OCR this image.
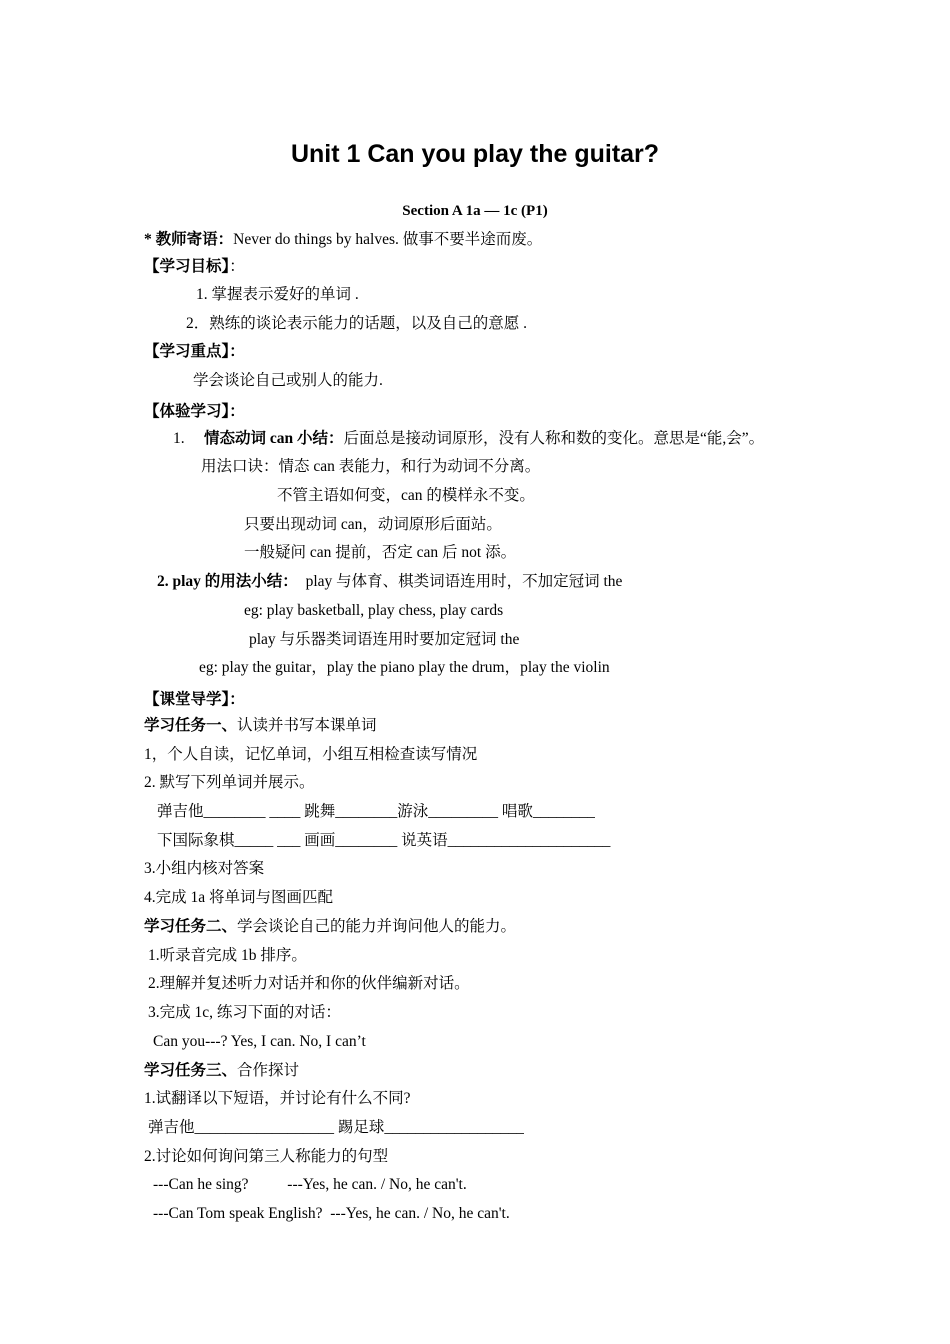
Unit 1 Can you play the guitar?
Section A 1a — 1c (P1)
* 教师寄语：Never do things by halves. 做事不要半途而废。
【学习目标】：
1. 掌握表示爱好的单词 .
2．熟练的谈论表示能力的话题，以及自己的意愿 .
【学习重点】：
学会谈论自己或别人的能力.
【体验学习】：
1. 情态动词 can 小结：后面总是接动词原形，没有人称和数的变化。意思是“能,会”。
用法口诀：情态 can 表能力，和行为动词不分离。
不管主语如何变，can 的模样永不变。
只要出现动词 can，动词原形后面站。
一般疑问 can 提前，否定 can 后 not 添。
2. play 的用法小结： play 与体育、棋类词语连用时，不加定冠词 the
eg: play basketball, play chess, play cards
play 与乐器类词语连用时要加定冠词 the
eg: play the guitar，play the piano play the drum，play the violin
【课堂导学】：
学习任务一、认读并书写本课单词
1，个人自读，记忆单词，小组互相检查读写情况
2. 默写下列单词并展示。
弹吉他________ ____ 跳舞________游泳_________ 唱歌________
下国际象棋_____ ___ 画画________ 说英语_____________________
3.小组内核对答案
4.完成 1a 将单词与图画匹配
学习任务二、学会谈论自己的能力并询问他人的能力。
1.听录音完成 1b 排序。
2.理解并复述听力对话并和你的伙伴编新对话。
3.完成 1c, 练习下面的对话：
Can you---? Yes, I can. No, I can’t
学习任务三、合作探讨
1.试翻译以下短语，并讨论有什么不同?
弹吉他__________________ 踢足球__________________
2.讨论如何询问第三人称能力的句型
---Can he sing?          ---Yes, he can. / No, he can't.
---Can Tom speak English?  ---Yes, he can. / No, he can't.
